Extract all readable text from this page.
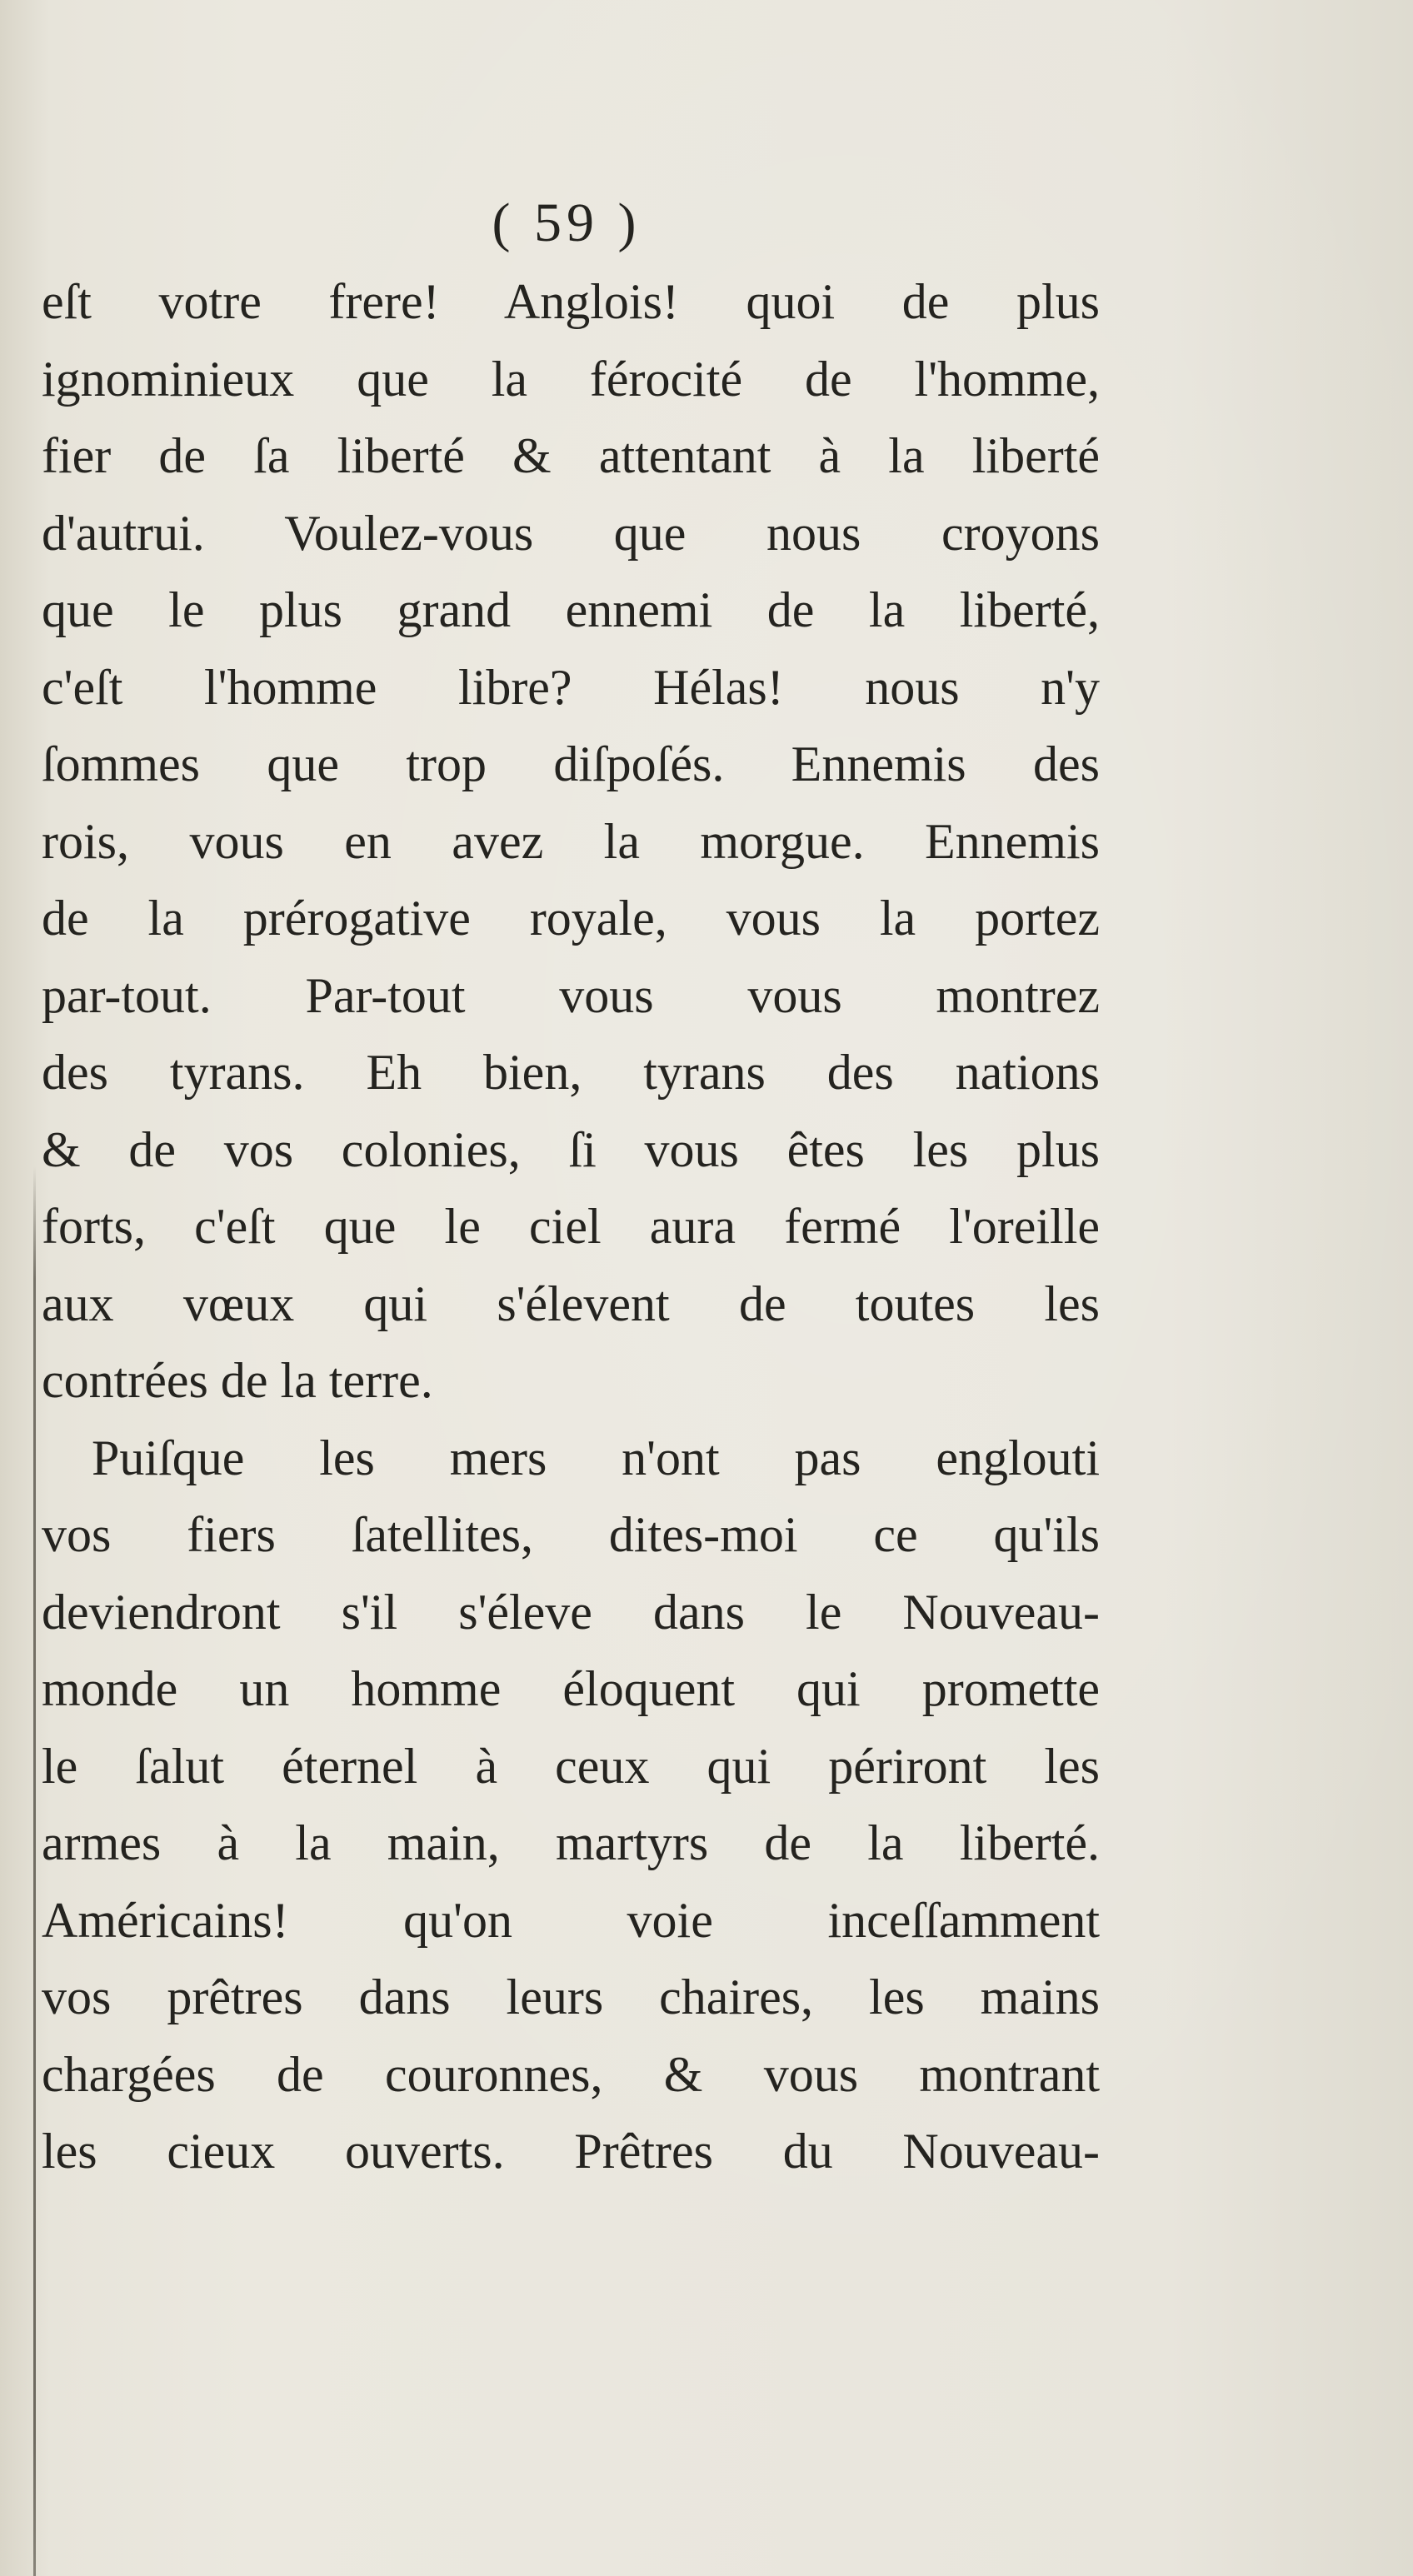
( 59 )
eſt votre frere! Anglois! quoi de plus
ignominieux que la férocité de l'homme,
fier de ſa liberté & attentant à la liberté
d'autrui. Voulez-vous que nous croyons
que le plus grand ennemi de la liberté,
c'eſt l'homme libre? Hélas! nous n'y
ſommes que trop diſpoſés. Ennemis des
rois, vous en avez la morgue. Ennemis
de la prérogative royale, vous la portez
par-tout. Par-tout vous vous montrez
des tyrans. Eh bien, tyrans des nations
& de vos colonies, ſi vous êtes les plus
forts, c'eſt que le ciel aura fermé l'oreille
aux vœux qui s'élevent de toutes les
contrées de la terre.
Puiſque les mers n'ont pas englouti
vos fiers ſatellites, dites-moi ce qu'ils
deviendront s'il s'éleve dans le Nouveau-
monde un homme éloquent qui promette
le ſalut éternel à ceux qui périront les
armes à la main, martyrs de la liberté.
Américains! qu'on voie inceſſamment
vos prêtres dans leurs chaires, les mains
chargées de couronnes, & vous montrant
les cieux ouverts. Prêtres du Nouveau-
